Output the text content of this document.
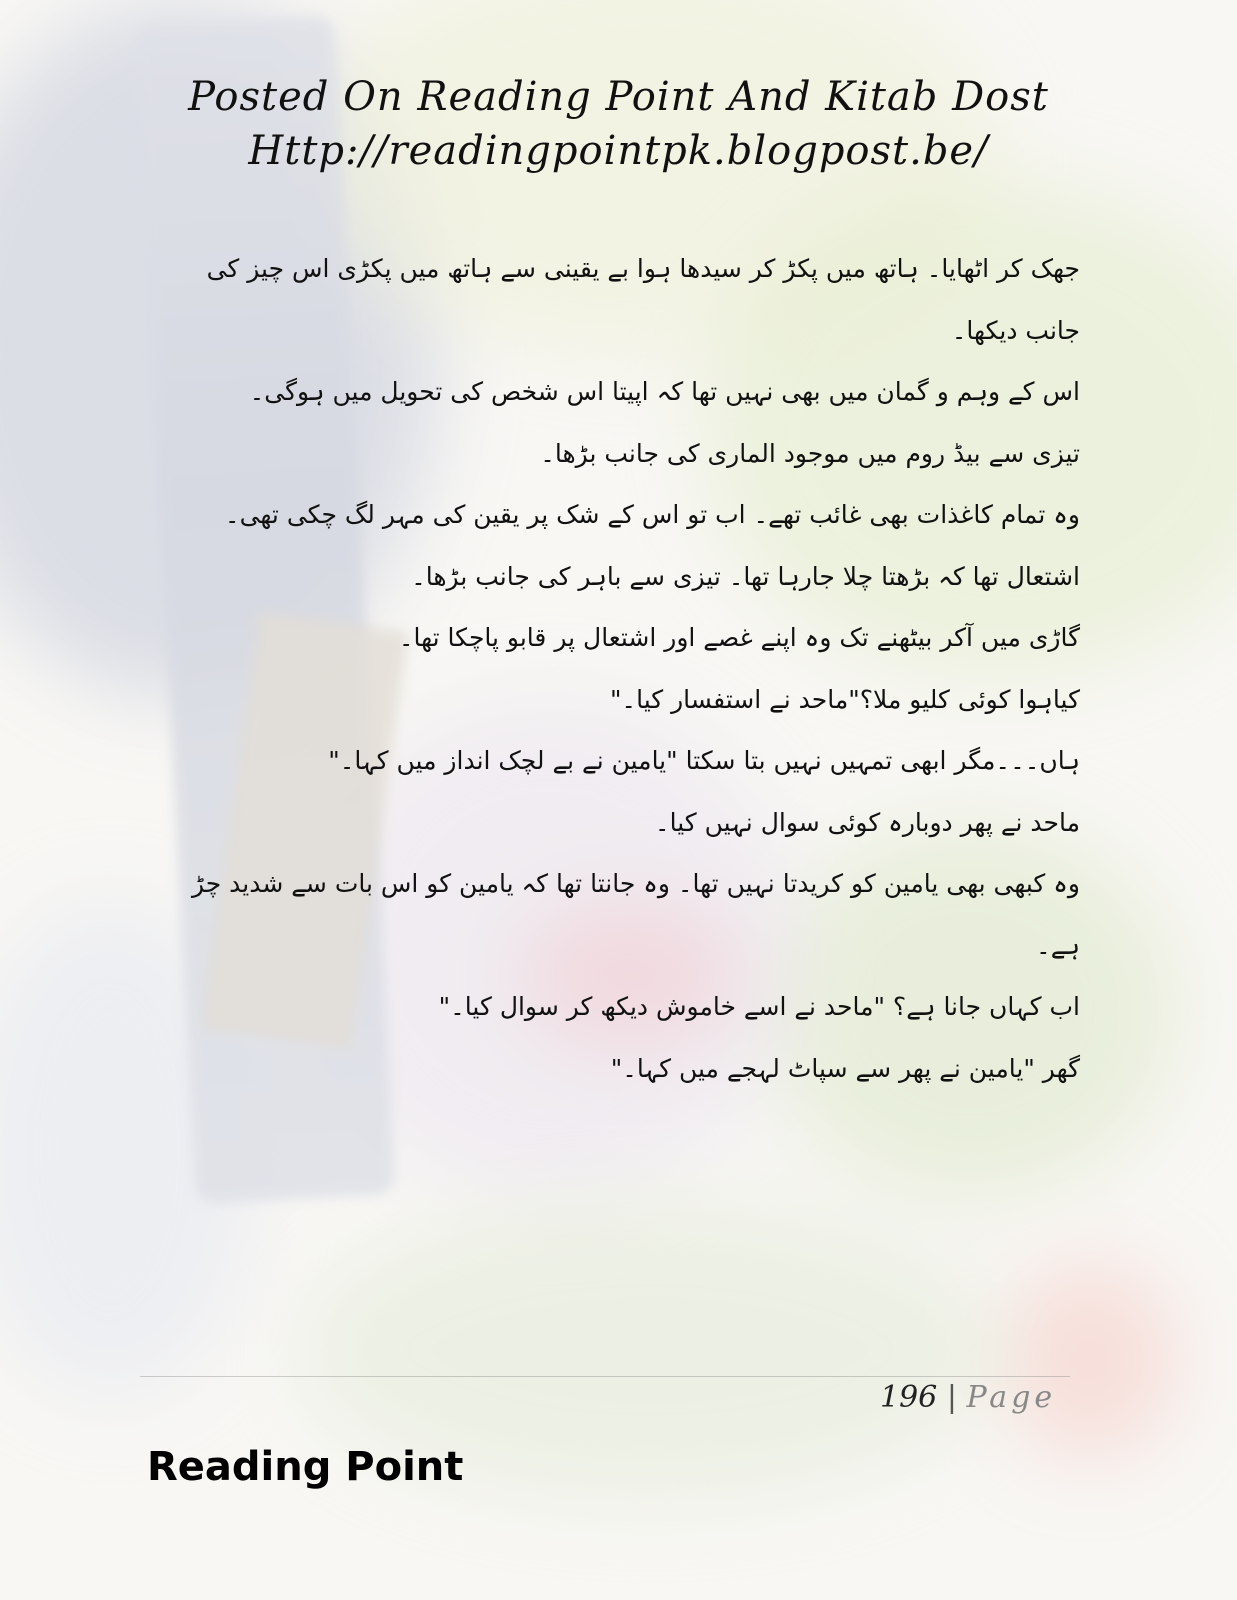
Posted On Reading Point And Kitab Dost
Http://readingpointpk.blogpost.be/
جھک کر اٹھایا۔ ہاتھ میں پکڑ کر سیدھا ہوا بے یقینی سے ہاتھ میں پکڑی اس چیز کی
جانب دیکھا۔
اس کے وہم و گمان میں بھی نہیں تھا کہ اپیتا اس شخص کی تحویل میں ہوگی۔
تیزی سے بیڈ روم میں موجود الماری کی جانب بڑھا۔
وہ تمام کاغذات بھی غائب تھے۔ اب تو اس کے شک پر یقین کی مہر لگ چکی تھی۔
اشتعال تھا کہ بڑھتا چلا جارہا تھا۔ تیزی سے باہر کی جانب بڑھا۔
گاڑی میں آکر بیٹھنے تک وہ اپنے غصے اور اشتعال پر قابو پاچکا تھا۔
کیاہوا کوئی کلیو ملا؟"ماحد نے استفسار کیا۔"
ہاں۔۔۔مگر ابھی تمہیں نہیں بتا سکتا "یامین نے بے لچک انداز میں کہا۔"
ماحد نے پھر دوبارہ کوئی سوال نہیں کیا۔
وہ کبھی بھی یامین کو کریدتا نہیں تھا۔ وہ جانتا تھا کہ یامین کو اس بات سے شدید چڑ
ہے۔
اب کہاں جانا ہے؟ "ماحد نے اسے خاموش دیکھ کر سوال کیا۔"
گھر "یامین نے پھر سے سپاٹ لہجے میں کہا۔"
196 | Page
Reading Point
